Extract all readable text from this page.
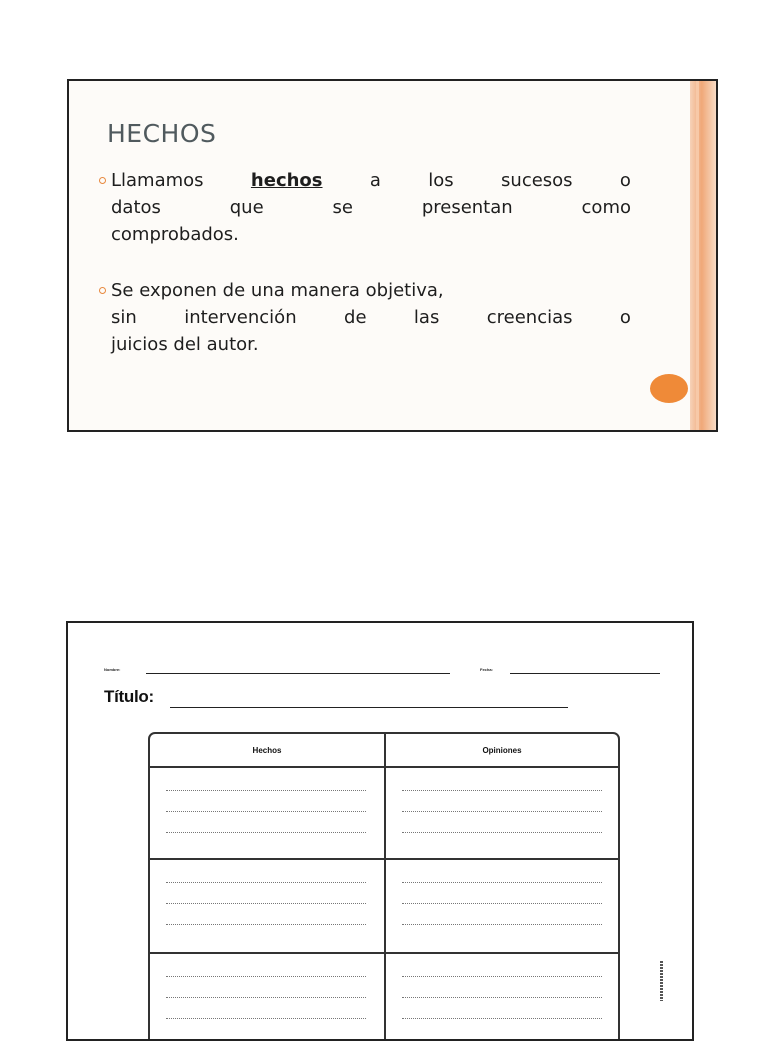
HECHOS
Llamamos	hechos	a	los	sucesos	o
datos	que	se	presentan	como
comprobados.
Se exponen de una manera objetiva,
sin	intervención	de	las	creencias	o
juicios del autor.
Nombre:	Fecha:
Título:
Hechos	Opiniones
